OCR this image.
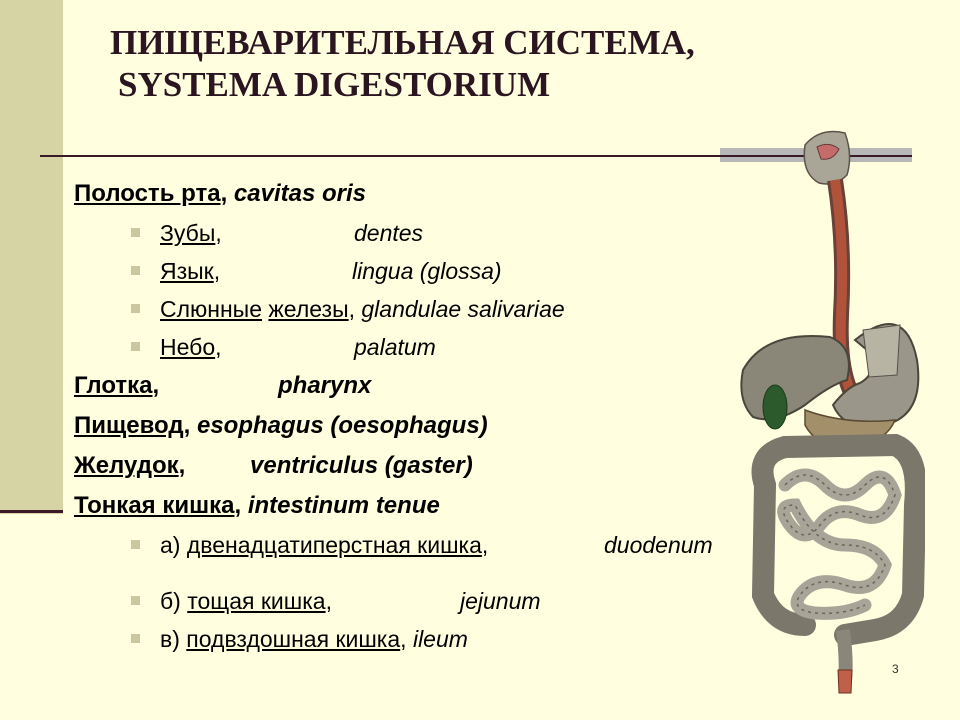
ПИЩЕВАРИТЕЛЬНАЯ СИСТЕМА,
SYSTEMA DIGESTORIUM
Полость рта, cavitas oris
Зубы,	dentes
Язык,	lingua (glossa)
Слюнные железы, glandulae salivariae
Небо,	palatum
Глотка,	pharynx
Пищевод, esophagus (oesophagus)
Желудок,	ventriculus (gaster)
Тонкая кишка, intestinum tenue
а) двенадцатиперстная кишка,	duodenum
б) тощая кишка,	jejunum
в) подвздошная кишка, ileum
3
